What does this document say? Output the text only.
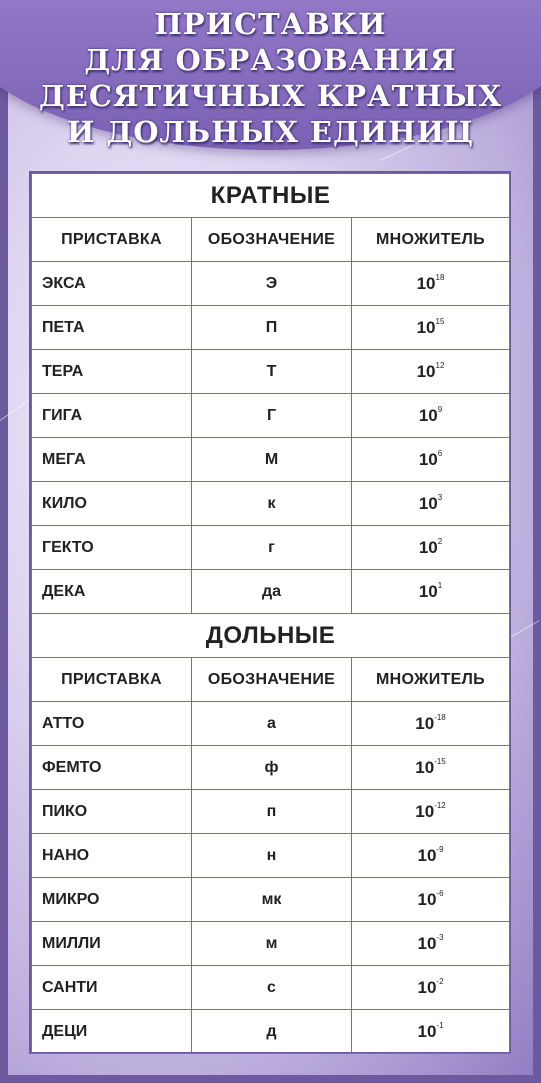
ПРИСТАВКИ
ДЛЯ ОБРАЗОВАНИЯ
ДЕСЯТИЧНЫХ КРАТНЫХ
И ДОЛЬНЫХ ЕДИНИЦ
КРАТНЫЕ		
ПРИСТАВКА	ОБОЗНАЧЕНИЕ	МНОЖИТЕЛЬ
ЭКСА	Э	$10^{18}$
ПЕТА	П	$10^{15}$
ТЕРА	Т	$10^{12}$
ГИГА	Г	$10^9$
МЕГА	М	$10^6$
КИЛО	к	$10^3$
ГЕКТО	г	$10^2$
ДЕКА	да	$10^1$
ДОЛЬНЫЕ		
ПРИСТАВКА	ОБОЗНАЧЕНИЕ	МНОЖИТЕЛЬ
АТТО	а	$10^{-18}$
ФЕМТО	ф	$10^{-15}$
ПИКО	п	$10^{-12}$
НАНО	н	$10^{-9}$
МИКРО	мк	$10^{-6}$
МИЛЛИ	м	$10^{-3}$
САНТИ	с	$10^{-2}$
ДЕЦИ	д	$10^{-1}$
